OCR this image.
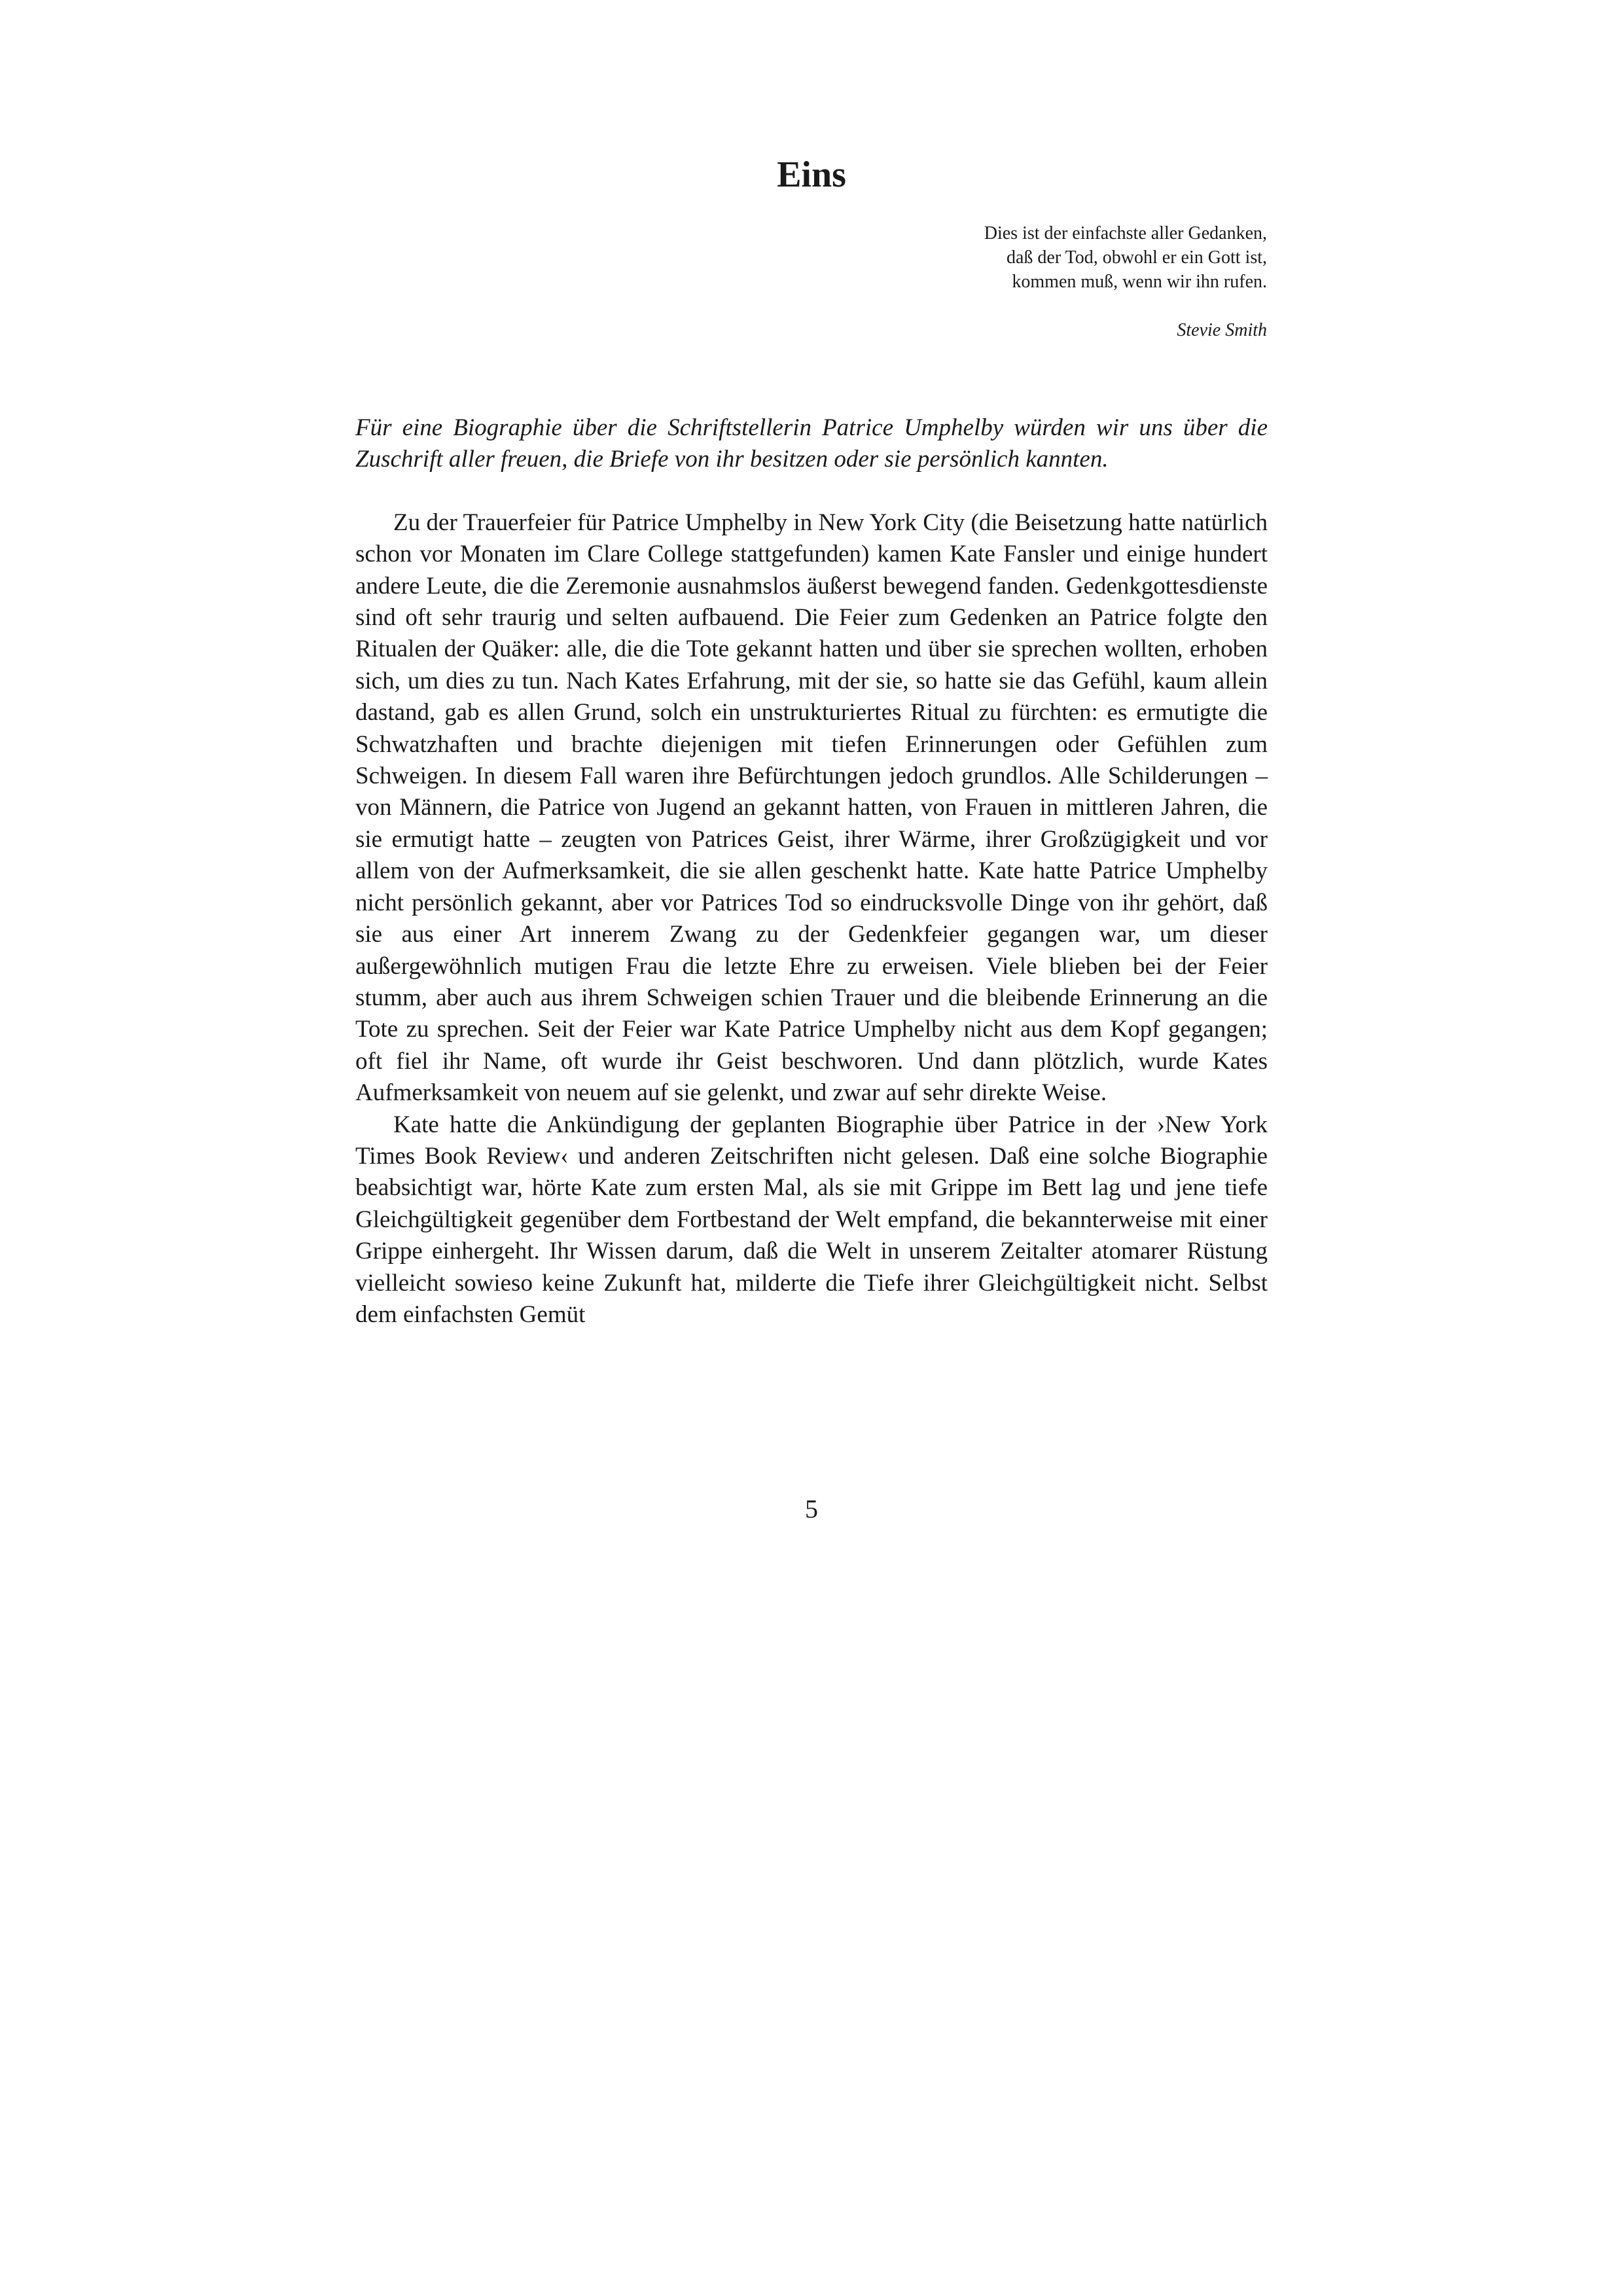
Eins
Dies ist der einfachste aller Gedanken,
daß der Tod, obwohl er ein Gott ist,
kommen muß, wenn wir ihn rufen.
Stevie Smith

Für eine Biographie über die Schriftstellerin Patrice Umphelby würden wir uns über die Zuschrift aller freuen, die Briefe von ihr besitzen oder sie persönlich kannten.

Zu der Trauerfeier für Patrice Umphelby in New York City (die Beisetzung hatte natürlich schon vor Monaten im Clare College stattgefunden) kamen Kate Fansler und einige hundert andere Leute, die die Zeremonie ausnahmslos äußerst bewegend fanden. Gedenkgottesdienste sind oft sehr traurig und selten aufbauend. Die Feier zum Gedenken an Patrice folgte den Ritualen der Quäker: alle, die die Tote gekannt hatten und über sie sprechen wollten, erhoben sich, um dies zu tun. Nach Kates Erfahrung, mit der sie, so hatte sie das Gefühl, kaum allein dastand, gab es allen Grund, solch ein unstrukturiertes Ritual zu fürchten: es ermutigte die Schwatzhaften und brachte diejenigen mit tiefen Erinnerungen oder Gefühlen zum Schweigen. In diesem Fall waren ihre Befürchtungen jedoch grundlos. Alle Schilderungen – von Männern, die Patrice von Jugend an gekannt hatten, von Frauen in mittleren Jahren, die sie ermutigt hatte – zeugten von Patrices Geist, ihrer Wärme, ihrer Großzügigkeit und vor allem von der Aufmerksamkeit, die sie allen geschenkt hatte. Kate hatte Patrice Umphelby nicht persönlich gekannt, aber vor Patrices Tod so eindrucksvolle Dinge von ihr gehört, daß sie aus einer Art innerem Zwang zu der Gedenkfeier gegangen war, um dieser außergewöhnlich mutigen Frau die letzte Ehre zu erweisen. Viele blieben bei der Feier stumm, aber auch aus ihrem Schweigen schien Trauer und die bleibende Erinnerung an die Tote zu sprechen. Seit der Feier war Kate Patrice Umphelby nicht aus dem Kopf gegangen; oft fiel ihr Name, oft wurde ihr Geist beschworen. Und dann plötzlich, wurde Kates Aufmerksamkeit von neuem auf sie gelenkt, und zwar auf sehr direkte Weise.

Kate hatte die Ankündigung der geplanten Biographie über Patrice in der ›New York Times Book Review‹ und anderen Zeitschriften nicht gelesen. Daß eine solche Biographie beabsichtigt war, hörte Kate zum ersten Mal, als sie mit Grippe im Bett lag und jene tiefe Gleichgültigkeit gegenüber dem Fortbestand der Welt empfand, die bekannterweise mit einer Grippe einhergeht. Ihr Wissen darum, daß die Welt in unserem Zeitalter atomarer Rüstung vielleicht sowieso keine Zukunft hat, milderte die Tiefe ihrer Gleichgültigkeit nicht. Selbst dem einfachsten Gemüt

5
